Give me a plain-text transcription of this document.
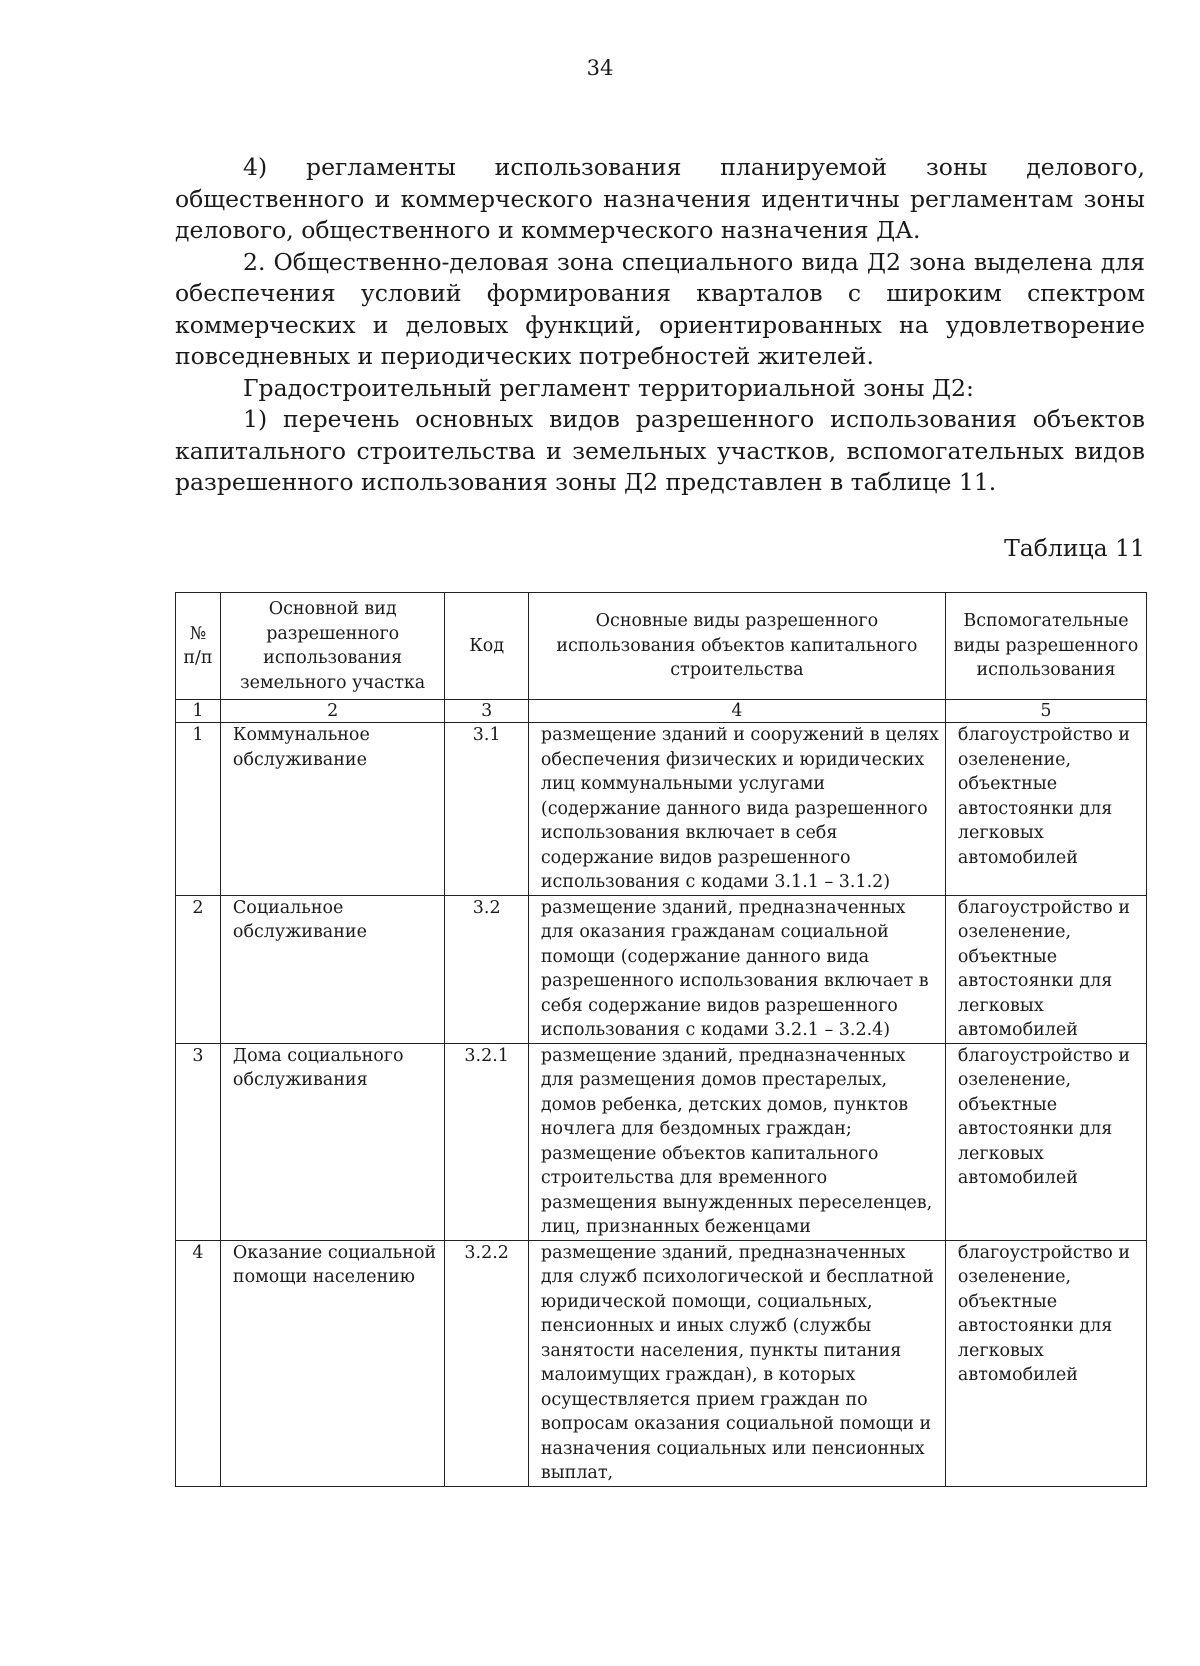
34

4) регламенты использования планируемой зоны делового, общественного и коммерческого назначения идентичны регламентам зоны делового, общественного и коммерческого назначения ДА.

2. Общественно-деловая зона специального вида Д2 зона выделена для обеспечения условий формирования кварталов с широким спектром коммерческих и деловых функций, ориентированных на удовлетворение повседневных и периодических потребностей жителей.

Градостроительный регламент территориальной зоны Д2:

1) перечень основных видов разрешенного использования объектов капитального строительства и земельных участков, вспомогательных видов разрешенного использования зоны Д2 представлен в таблице 11.

Таблица 11
№ п/п	Основной вид разрешенного использования земельного участка	Код	Основные виды разрешенного использования объектов капитального строительства	Вспомогательные виды разрешенного использования
1	2	3	4	5
1	Коммунальное обслуживание	3.1	размещение зданий и сооружений в целях обеспечения физических и юридических лиц коммунальными услугами (содержание данного вида разрешенного использования включает в себя содержание видов разрешенного использования с кодами 3.1.1 – 3.1.2)	благоустройство и озеленение, объектные автостоянки для легковых автомобилей
2	Социальное обслуживание	3.2	размещение зданий, предназначенных для оказания гражданам социальной помощи (содержание данного вида разрешенного использования включает в себя содержание видов разрешенного использования с кодами 3.2.1 – 3.2.4)	благоустройство и озеленение, объектные автостоянки для легковых автомобилей
3	Дома социального обслуживания	3.2.1	размещение зданий, предназначенных для размещения домов престарелых, домов ребенка, детских домов, пунктов ночлега для бездомных граждан; размещение объектов капитального строительства для временного размещения вынужденных переселенцев, лиц, признанных беженцами	благоустройство и озеленение, объектные автостоянки для легковых автомобилей
4	Оказание социальной помощи населению	3.2.2	размещение зданий, предназначенных для служб психологической и бесплатной юридической помощи, социальных, пенсионных и иных служб (службы занятости населения, пункты питания малоимущих граждан), в которых осуществляется прием граждан по вопросам оказания социальной помощи и назначения социальных или пенсионных выплат,	благоустройство и озеленение, объектные автостоянки для легковых автомобилей
